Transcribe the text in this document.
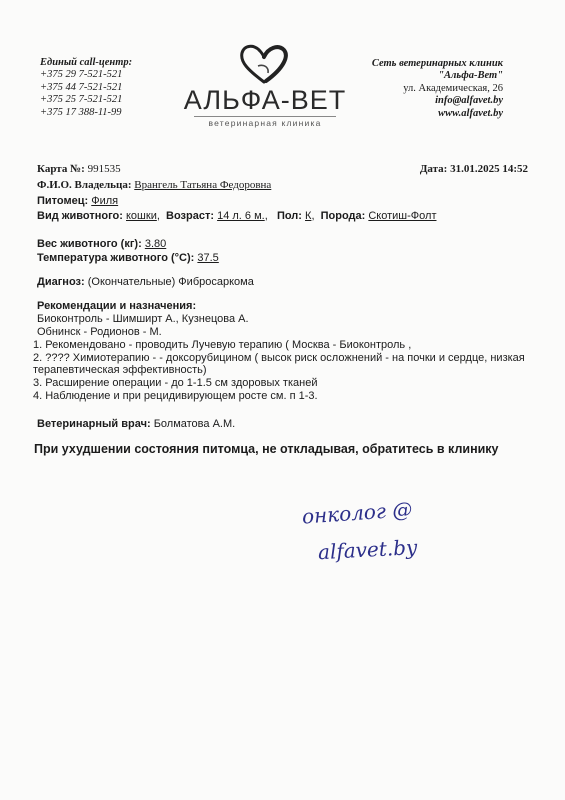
Единый call-центр:
+375 29 7-521-521
+375 44 7-521-521
+375 25 7-521-521
+375 17 388-11-99	АЛЬФА-ВЕТ
ветеринарная клиника
Сеть ветеринарных клиник
"Альфа-Вет"
ул. Академическая, 26
info@alfavet.by
www.alfavet.by
Карта №: 991535	Дата: 31.01.2025 14:52
Ф.И.О. Владельца: Врангель Татьяна Федоровна
Питомец: Филя
Вид животного: кошки,  Возраст: 14 л. 6 м.,   Пол: К,  Порода: Скотиш-Фолт
Вес животного (кг): 3.80
Температура животного (°C): 37.5
Диагноз: (Окончательные) Фибросаркома
Рекомендации и назначения:
Биоконтроль - Шимширт А., Кузнецова А.
Обнинск - Родионов - М.
1. Рекомендовано - проводить Лучевую терапию ( Москва - Биоконтроль ,
2. ???? Химиотерапию - - доксорубицином ( высок риск осложнений - на почки и сердце, низкая
терапевтическая эффективность)
3. Расширение операции - до 1-1.5 см здоровых тканей
4. Наблюдение и при рецидивирующем росте см. п 1-3.
Ветеринарный врач: Болматова А.М.
При ухудшении состояния питомца, не откладывая, обратитесь в клинику
онколог @
alfavet.by
